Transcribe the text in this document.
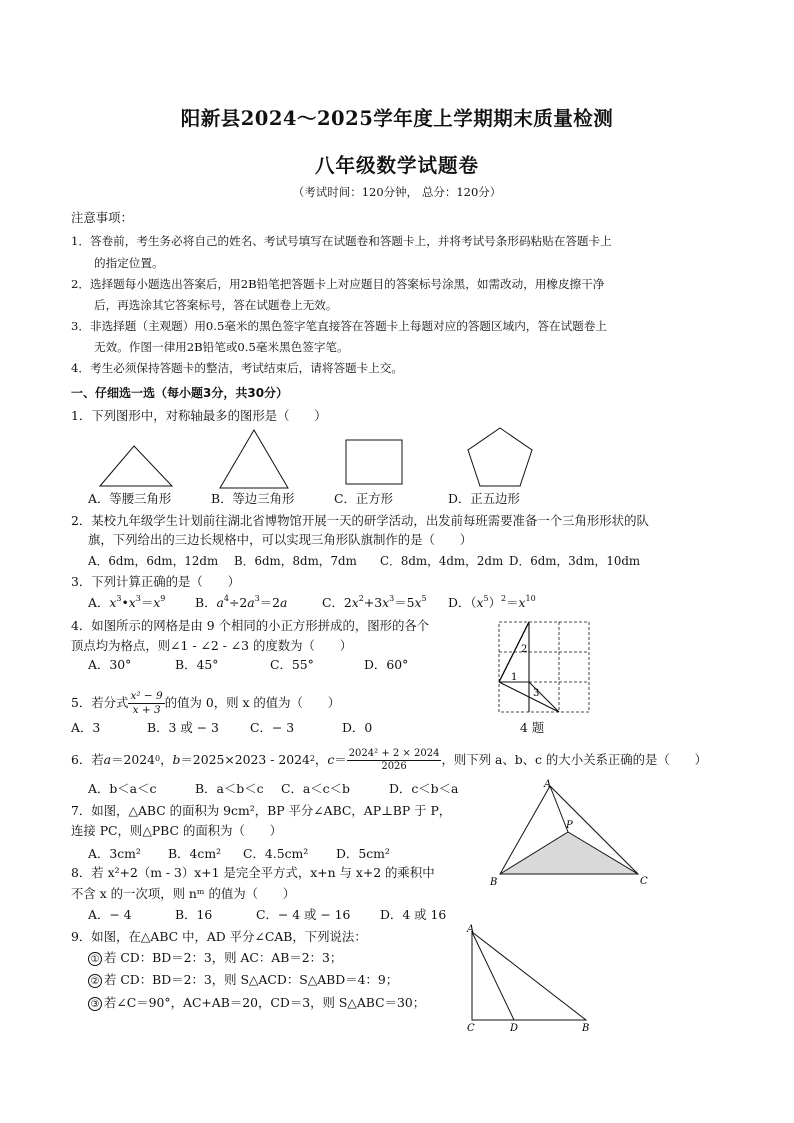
阳新县2024～2025学年度上学期期末质量检测
八年级数学试题卷
（考试时间：120分钟， 总分：120分）
注意事项：
1．答卷前，考生务必将自己的姓名、考试号填写在试题卷和答题卡上，并将考试号条形码粘贴在答题卡上
的指定位置。
2．选择题每小题选出答案后，用2B铅笔把答题卡上对应题目的答案标号涂黑，如需改动，用橡皮擦干净
后，再选涂其它答案标号，答在试题卷上无效。
3．非选择题（主观题）用0.5毫米的黑色签字笔直接答在答题卡上每题对应的答题区域内，答在试题卷上
无效。作图一律用2B铅笔或0.5毫米黑色签字笔。
4．考生必须保持答题卡的整洁，考试结束后，请将答题卡上交。
一、仔细选一选（每小题3分，共30分）
1．下列图形中，对称轴最多的图形是（　　）
A．等腰三角形	B．等边三角形	C．正方形	D．正五边形
2．某校九年级学生计划前往湖北省博物馆开展一天的研学活动，出发前每班需要准备一个三角形形状的队
旗，下列给出的三边长规格中，可以实现三角形队旗制作的是（　　）
A．6dm，6dm，12dm B．6dm，8dm，7dm C．8dm，4dm，2dm D．6dm，3dm，10dm
3．下列计算正确的是（　　）
A．$x^3•x^3=x^9$ B．$a^4\div 2a^3=2a$	C．$2x^2+3x^3=5x^5$ D．$(x^5)^2=x^{10}$
4．如图所示的网格是由 9 个相同的小正方形拼成的，图形的各个
顶点均为格点，则∠1 - ∠2 - ∠3 的度数为（　　）
A．30°	B．45°	C．55°	D．60°
1
2
3
4 题
5．若分式 $\frac{\text{x² − 9}}{x + 3}$ 的值为 0，则 x 的值为（　　）
A．3	B．3 或 − 3	C．− 3	D．0
6．若 $a =2024^0$ ， b ＝2025×2023 - 2024$^2$ ， $c = \frac{\text{2024² + 2 × 2024}}{2026}$ ，则下列 a、b、c 的大小关系正确的是（　　）
A．b＜a＜c	B．a＜b＜c C．a＜c＜b	D．c＜b＜a
7．如图，△ABC 的面积为 9cm²，BP 平分∠ABC，AP⊥BP 于 P，
连接 PC，则△PBC 的面积为（　　）
A．3cm² B．4cm² C．4.5cm² D．5cm²
A
P
B	C
8．若 x²+2（m - 3）x+1 是完全平方式，x+n 与 x+2 的乘积中
不含 x 的一次项，则 nᵐ 的值为（　　）
A．− 4	B．16	C．− 4 或 − 16 D．4 或 16
9．如图，在△ABC 中，AD 平分∠CAB，下列说法：
① 若 CD：BD＝2：3，则 AC：AB＝2：3；
② 若 CD：BD＝2：3，则 S△ACD：S△ABD＝4：9；
③ 若∠C＝90°，AC+AB＝20，CD＝3，则 S△ABC＝30；
A
C	D	B
